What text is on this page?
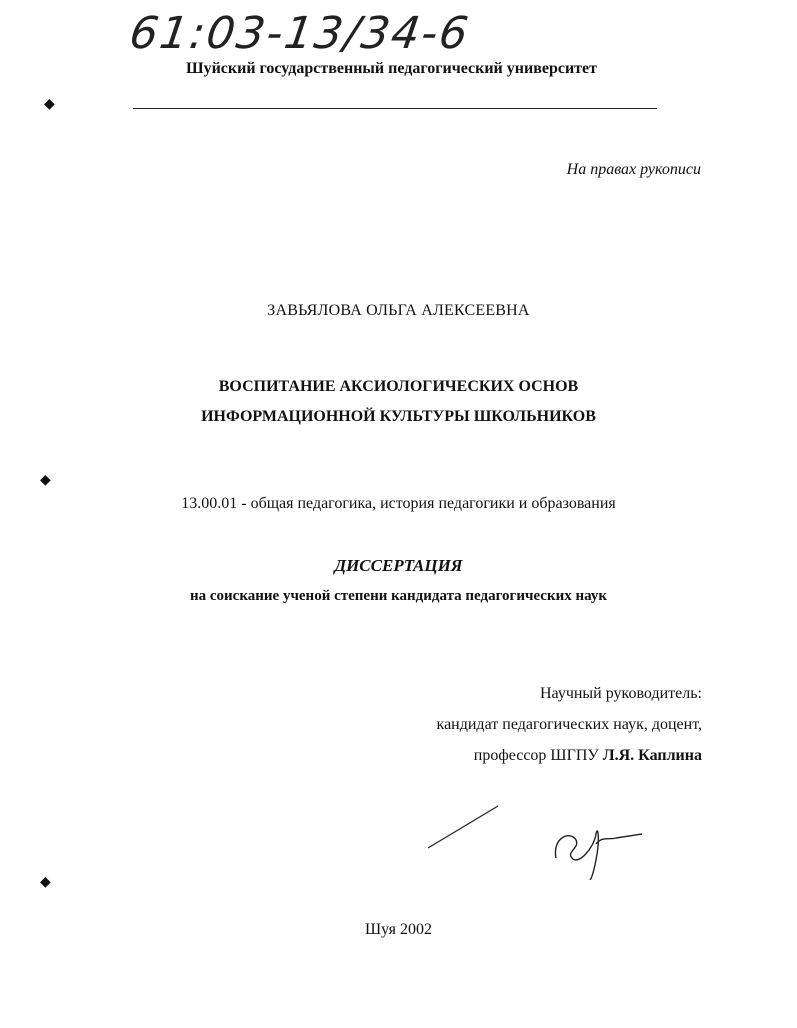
61:03-13/34-6
Шуйский государственный педагогический университет
◆
◆
◆
На правах рукописи
ЗАВЬЯЛОВА ОЛЬГА АЛЕКСЕЕВНА
ВОСПИТАНИЕ АКСИОЛОГИЧЕСКИХ ОСНОВ
ИНФОРМАЦИОННОЙ КУЛЬТУРЫ ШКОЛЬНИКОВ
13.00.01 - общая педагогика, история педагогики и образования
ДИССЕРТАЦИЯ
на соискание ученой степени кандидата педагогических наук
Научный руководитель:
кандидат педагогических наук, доцент,
профессор ШГПУ Л.Я. Каплина
Шуя 2002
